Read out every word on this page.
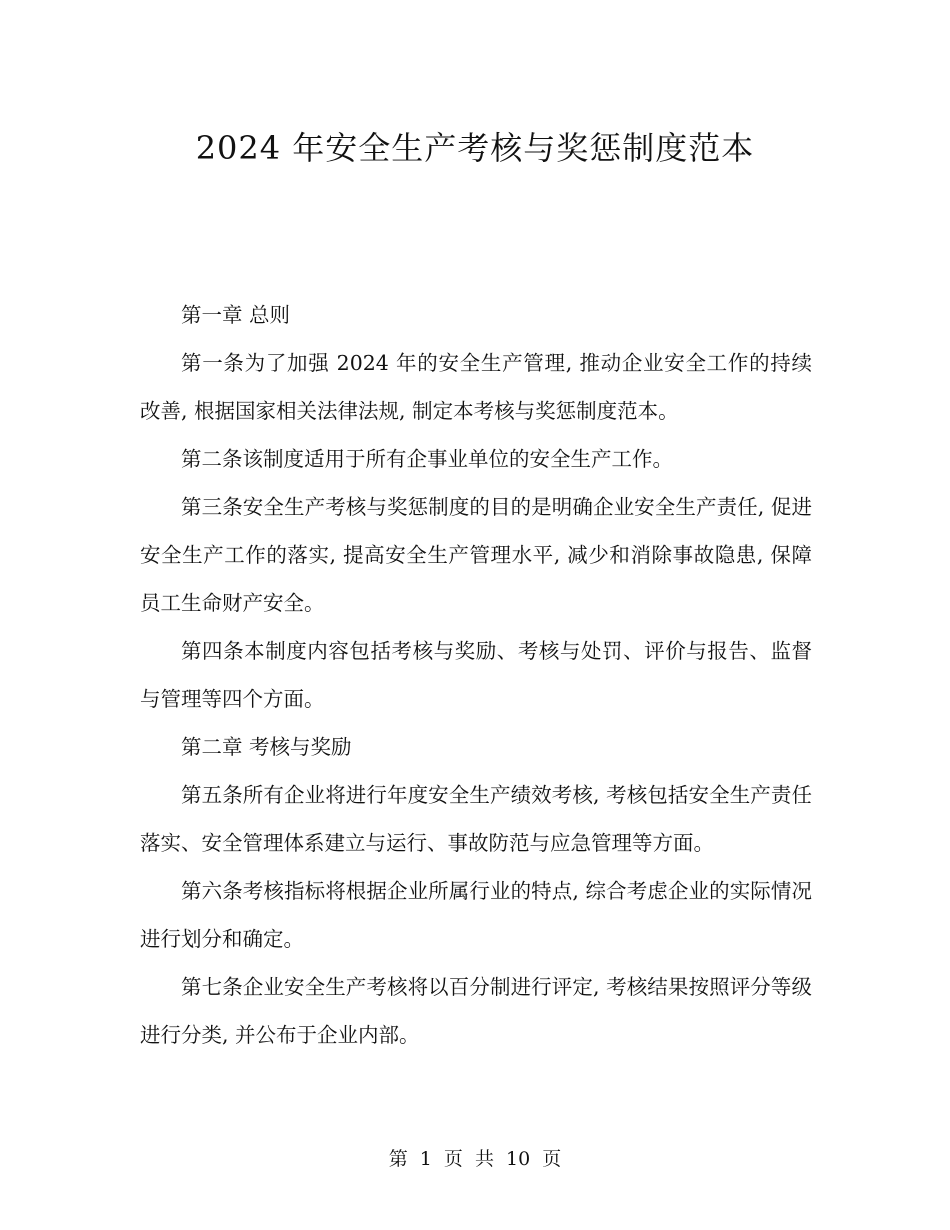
2024 年安全生产考核与奖惩制度范本

第一章 总则

第一条为了加强 2024 年的安全生产管理, 推动企业安全工作的持续改善, 根据国家相关法律法规, 制定本考核与奖惩制度范本。

第二条该制度适用于所有企事业单位的安全生产工作。

第三条安全生产考核与奖惩制度的目的是明确企业安全生产责任, 促进安全生产工作的落实, 提高安全生产管理水平, 减少和消除事故隐患, 保障员工生命财产安全。

第四条本制度内容包括考核与奖励、考核与处罚、评价与报告、监督与管理等四个方面。

第二章 考核与奖励

第五条所有企业将进行年度安全生产绩效考核, 考核包括安全生产责任落实、安全管理体系建立与运行、事故防范与应急管理等方面。

第六条考核指标将根据企业所属行业的特点, 综合考虑企业的实际情况进行划分和确定。

第七条企业安全生产考核将以百分制进行评定, 考核结果按照评分等级进行分类, 并公布于企业内部。

第 1 页 共 10 页
